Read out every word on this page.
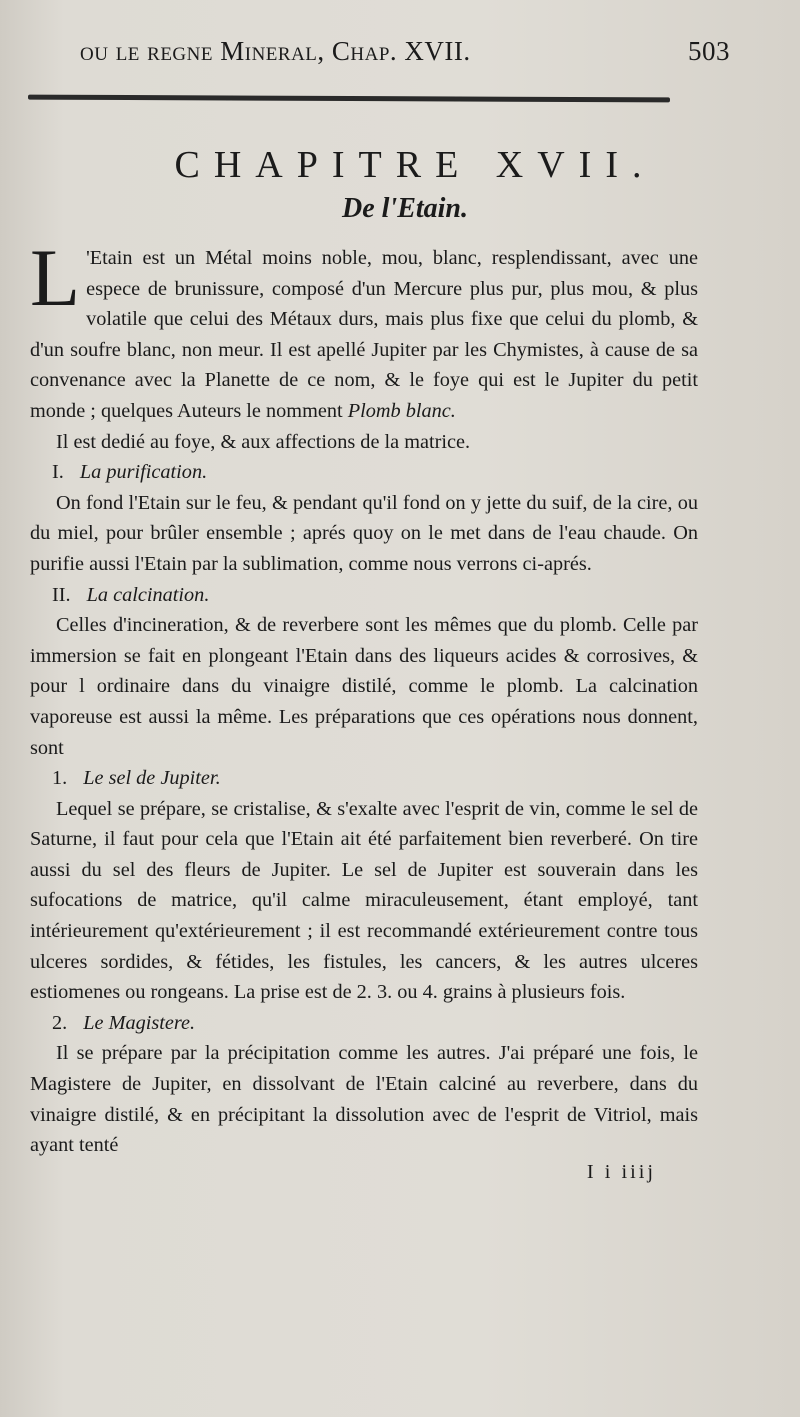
ou le regne Mineral, Chap. XVII.	503
CHAPITRE XVII.
De l'Etain.

L 'Etain est un Métal moins noble, mou, blanc, resplendissant, avec une espece de brunissure, composé d'un Mercure plus pur, plus mou, & plus volatile que celui des Métaux durs, mais plus fixe que celui du plomb, & d'un soufre blanc, non meur. Il est apellé Jupiter par les Chymistes, à cause de sa convenance avec la Planette de ce nom, & le foye qui est le Jupiter du petit monde ; quelques Auteurs le nomment Plomb blanc.

Il est dedié au foye, & aux affections de la matrice.

I. La purification.

On fond l'Etain sur le feu, & pendant qu'il fond on y jette du suif, de la cire, ou du miel, pour brûler ensemble ; aprés quoy on le met dans de l'eau chaude. On purifie aussi l'Etain par la sublimation, comme nous verrons ci-aprés.

II. La calcination.

Celles d'incineration, & de reverbere sont les mêmes que du plomb. Celle par immersion se fait en plongeant l'Etain dans des liqueurs acides & corrosives, & pour l ordinaire dans du vinaigre distilé, comme le plomb. La calcination vaporeuse est aussi la même. Les préparations que ces opérations nous donnent, sont

1. Le sel de Jupiter.

Lequel se prépare, se cristalise, & s'exalte avec l'esprit de vin, comme le sel de Saturne, il faut pour cela que l'Etain ait été parfaitement bien reverberé. On tire aussi du sel des fleurs de Jupiter. Le sel de Jupiter est souverain dans les sufocations de matrice, qu'il calme miraculeusement, étant employé, tant intérieurement qu'extérieurement ; il est recommandé extérieurement contre tous ulceres sordides, & fétides, les fistules, les cancers, & les autres ulceres estiomenes ou rongeans. La prise est de 2. 3. ou 4. grains à plusieurs fois.

2. Le Magistere.

Il se prépare par la précipitation comme les autres. J'ai préparé une fois, le Magistere de Jupiter, en dissolvant de l'Etain calciné au reverbere, dans du vinaigre distilé, & en précipitant la dissolution avec de l'esprit de Vitriol, mais ayant tenté

I i iiij
